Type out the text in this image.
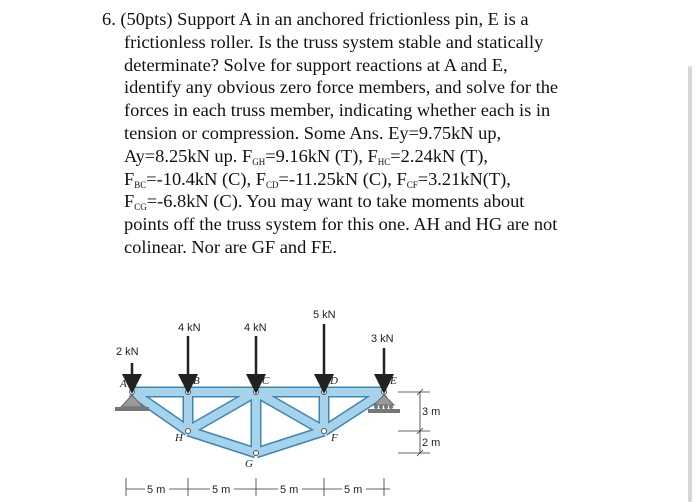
6. (50pts) Support A in an anchored frictionless pin, E is a
frictionless roller. Is the truss system stable and statically
determinate? Solve for support reactions at A and E,
identify any obvious zero force members, and solve for the
forces in each truss member, indicating whether each is in
tension or compression. Some Ans. Ey=9.75kN up,
Ay=8.25kN up. $F_{GH}=9.16kN$ (T), $F_{HC}=2.24kN$ (T),
$F_{BC}=-10.4kN$ (C), $F_{CD}=-11.25kN$ (C), $F_{CF}=3.21kN(T)$,
$F_{CG}=-6.8kN$ (C). You may want to take moments about
points off the truss system for this one. AH and HG are not
colinear. Nor are GF and FE.
2 kN
4 kN	4 kN
5 kN
3 kN
A	B	C	D	E
F
G
H
3 m
2 m
5 m	5 m	5 m	5 m
